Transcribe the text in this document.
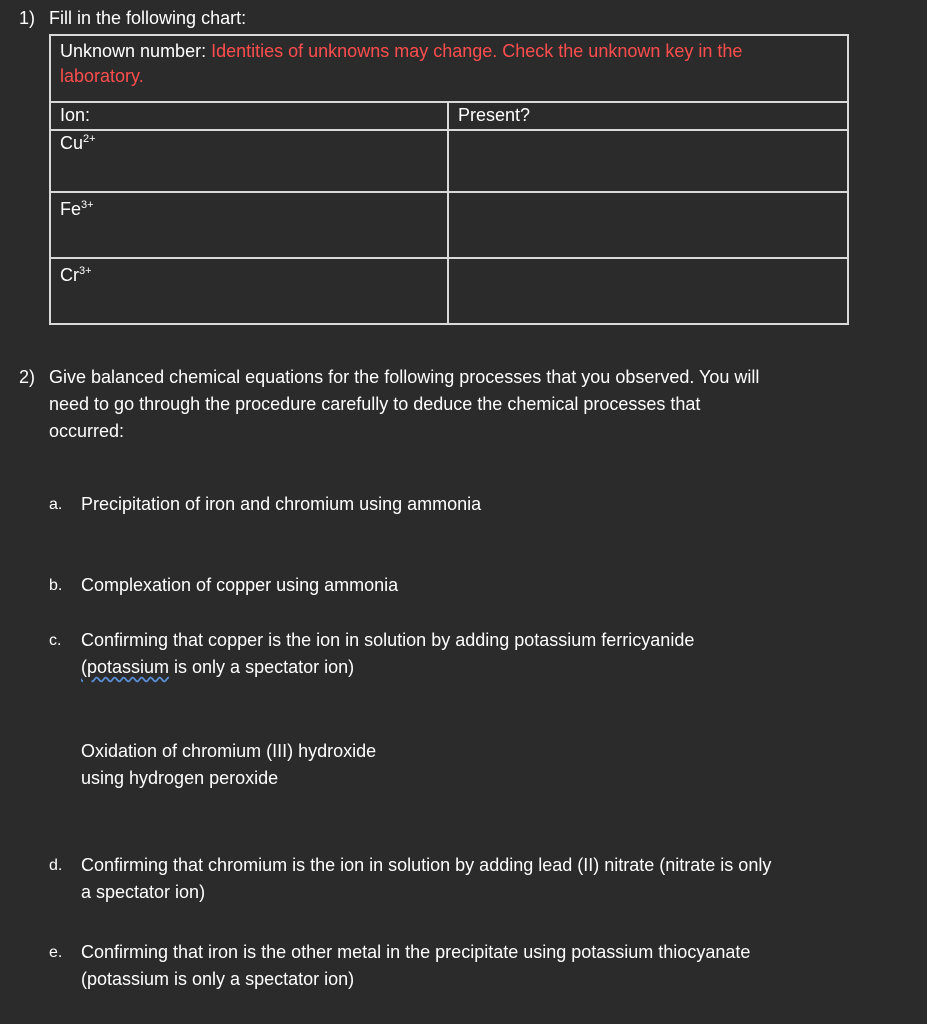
1) Fill in the following chart:
Unknown number: Identities of unknowns may change. Check the unknown key in the
laboratory.	
Ion:	Present?
$Cu^{2+}$	
$Fe^{3+}$	
$Cr^{3+}$	
2) Give balanced chemical equations for the following processes that you observed. You will
need to go through the procedure carefully to deduce the chemical processes that
occurred:
a. Precipitation of iron and chromium using ammonia
b. Complexation of copper using ammonia
c. Confirming that copper is the ion in solution by adding potassium ferricyanide
(potassium is only a spectator ion)
Oxidation of chromium (III) hydroxide
using hydrogen peroxide
d. Confirming that chromium is the ion in solution by adding lead (II) nitrate (nitrate is only
a spectator ion)
e. Confirming that iron is the other metal in the precipitate using potassium thiocyanate
(potassium is only a spectator ion)
